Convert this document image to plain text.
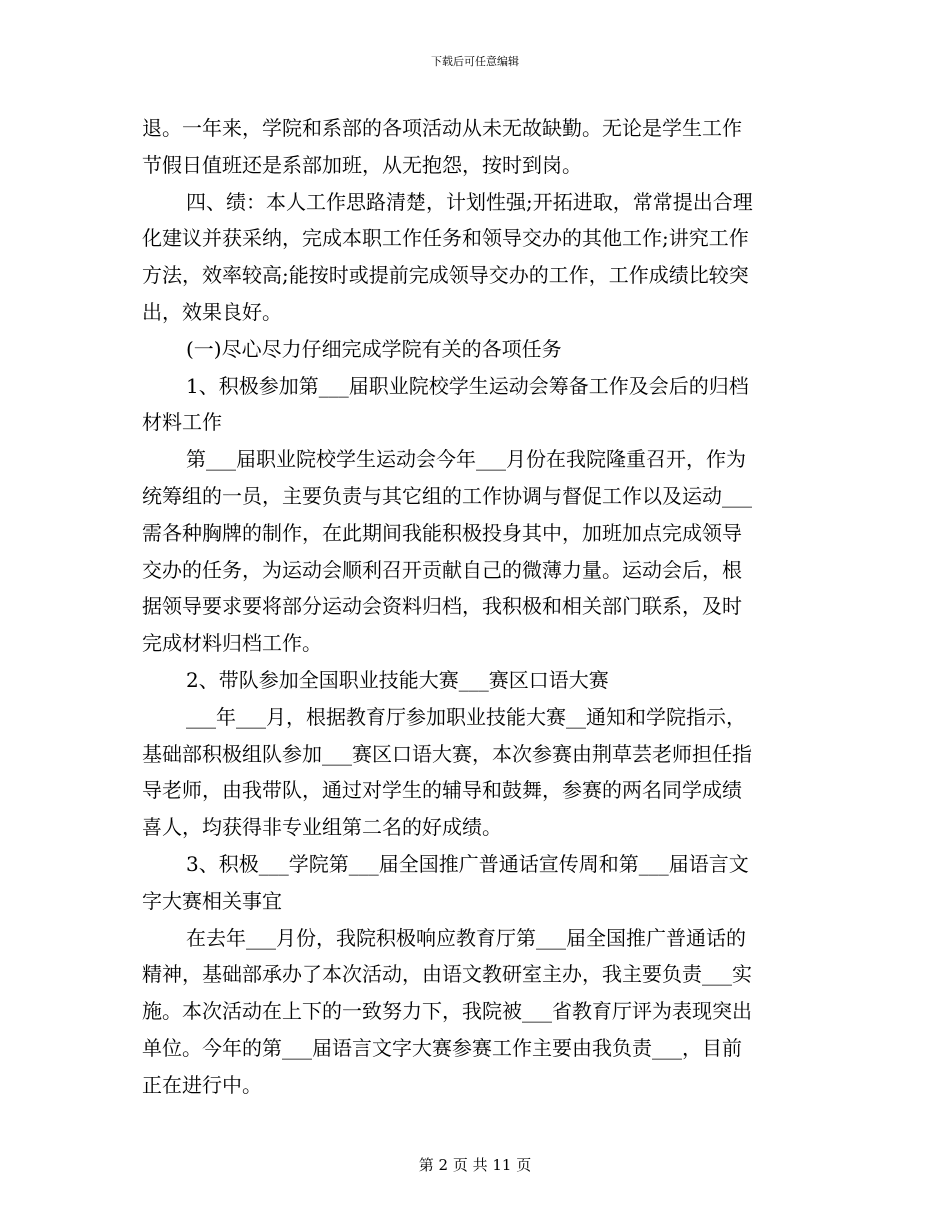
下载后可任意编辑
退。一年来，学院和系部的各项活动从未无故缺勤。无论是学生工作
节假日值班还是系部加班，从无抱怨，按时到岗。
四、绩：本人工作思路清楚，计划性强;开拓进取，常常提出合理
化建议并获采纳，完成本职工作任务和领导交办的其他工作;讲究工作
方法，效率较高;能按时或提前完成领导交办的工作，工作成绩比较突
出，效果良好。
(一)尽心尽力仔细完成学院有关的各项任务
1、积极参加第___届职业院校学生运动会筹备工作及会后的归档
材料工作
第___届职业院校学生运动会今年___月份在我院隆重召开，作为
统筹组的一员，主要负责与其它组的工作协调与督促工作以及运动___
需各种胸牌的制作，在此期间我能积极投身其中，加班加点完成领导
交办的任务，为运动会顺利召开贡献自己的微薄力量。运动会后，根
据领导要求要将部分运动会资料归档，我积极和相关部门联系，及时
完成材料归档工作。
2、带队参加全国职业技能大赛___赛区口语大赛
___年___月，根据教育厅参加职业技能大赛__通知和学院指示，
基础部积极组队参加___赛区口语大赛，本次参赛由荆草芸老师担任指
导老师，由我带队，通过对学生的辅导和鼓舞，参赛的两名同学成绩
喜人，均获得非专业组第二名的好成绩。
3、积极___学院第___届全国推广普通话宣传周和第___届语言文
字大赛相关事宜
在去年___月份，我院积极响应教育厅第___届全国推广普通话的
精神，基础部承办了本次活动，由语文教研室主办，我主要负责___实
施。本次活动在上下的一致努力下，我院被___省教育厅评为表现突出
单位。今年的第___届语言文字大赛参赛工作主要由我负责___，目前
正在进行中。
第 2 页 共 11 页
